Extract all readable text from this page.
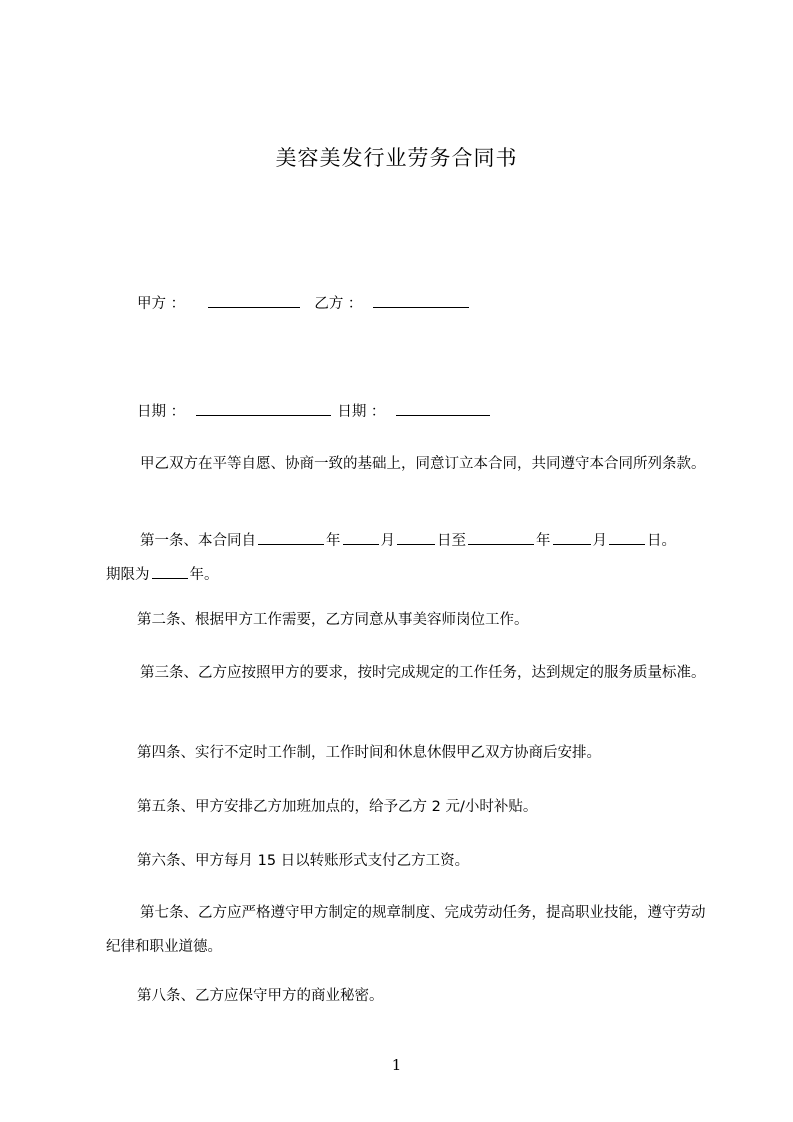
美容美发行业劳务合同书
甲方 ：	乙方 ：
日期 ：	日期 ：
甲乙双方在平等自愿、协商一致的基础上，同意订立本合同，共同遵守本合同所列条款。
第一条、本合同自	年	月	日至	年	月	日。
期限为	年。
第二条、根据甲方工作需要，乙方同意从事美容师岗位工作。
第三条、乙方应按照甲方的要求，按时完成规定的工作任务，达到规定的服务质量标准。
第四条、实行不定时工作制，工作时间和休息休假甲乙双方协商后安排。
第五条、甲方安排乙方加班加点的，给予乙方 2 元/小时补贴。
第六条、甲方每月 15 日以转账形式支付乙方工资。
第七条、乙方应严格遵守甲方制定的规章制度、完成劳动任务，提高职业技能，遵守劳动纪律和职业道德。
第八条、乙方应保守甲方的商业秘密。
1
